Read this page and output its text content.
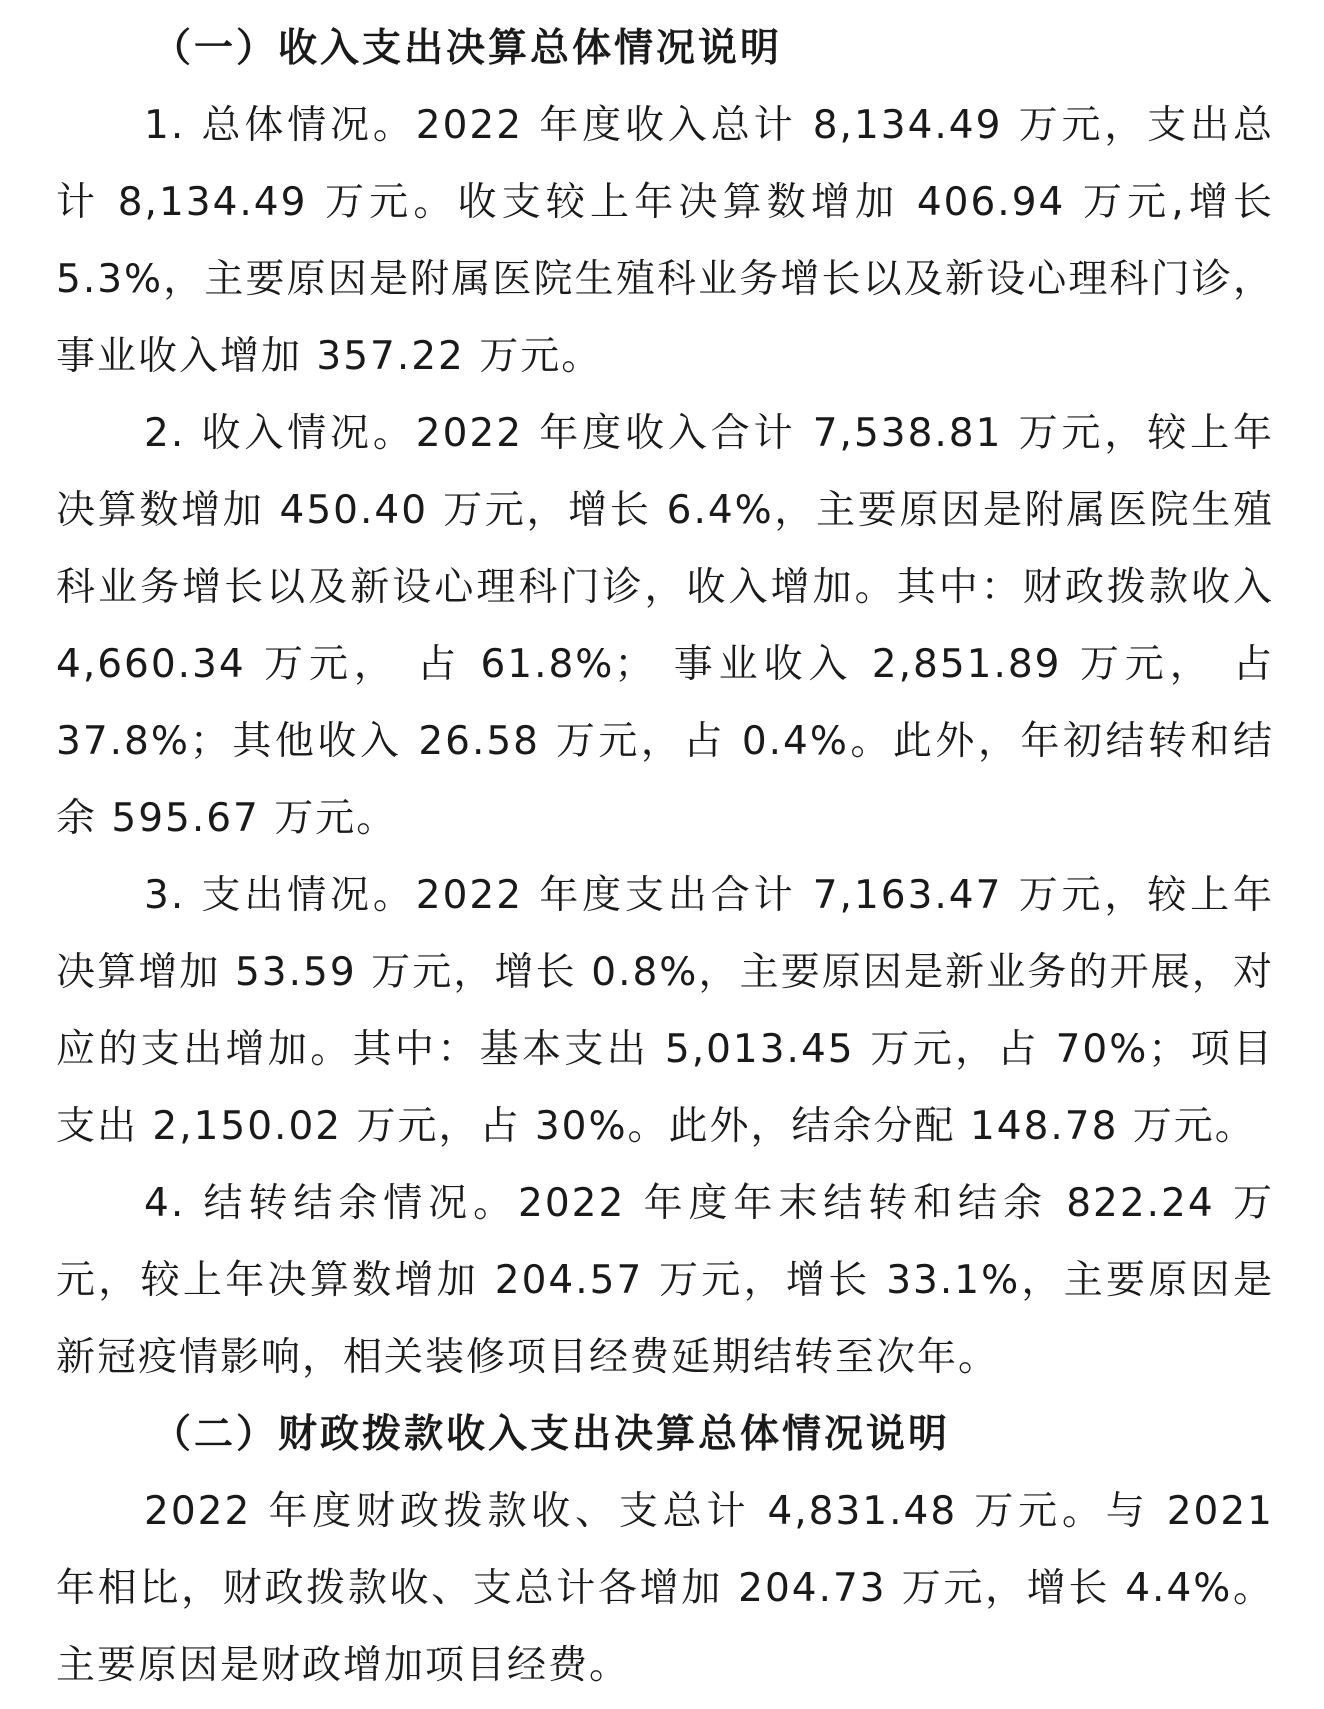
（一）收入支出决算总体情况说明

1. 总体情况。2022 年度收入总计 8,134.49 万元，支出总计 8,134.49 万元。收支较上年决算数增加 406.94 万元,增长 5.3%，主要原因是附属医院生殖科业务增长以及新设心理科门诊，事业收入增加 357.22 万元。

2. 收入情况。2022 年度收入合计 7,538.81 万元，较上年决算数增加 450.40 万元，增长 6.4%，主要原因是附属医院生殖科业务增长以及新设心理科门诊，收入增加。其中：财政拨款收入 4,660.34 万元， 占 61.8%； 事业收入 2,851.89 万元， 占 37.8%；其他收入 26.58 万元，占 0.4%。此外，年初结转和结余 595.67 万元。

3. 支出情况。2022 年度支出合计 7,163.47 万元，较上年决算增加 53.59 万元，增长 0.8%，主要原因是新业务的开展，对应的支出增加。其中：基本支出 5,013.45 万元，占 70%；项目支出 2,150.02 万元，占 30%。此外，结余分配 148.78 万元。

4. 结转结余情况。2022 年度年末结转和结余 822.24 万元，较上年决算数增加 204.57 万元，增长 33.1%，主要原因是新冠疫情影响，相关装修项目经费延期结转至次年。

（二）财政拨款收入支出决算总体情况说明

2022 年度财政拨款收、支总计 4,831.48 万元。与 2021 年相比，财政拨款收、支总计各增加 204.73 万元，增长 4.4%。主要原因是财政增加项目经费。
